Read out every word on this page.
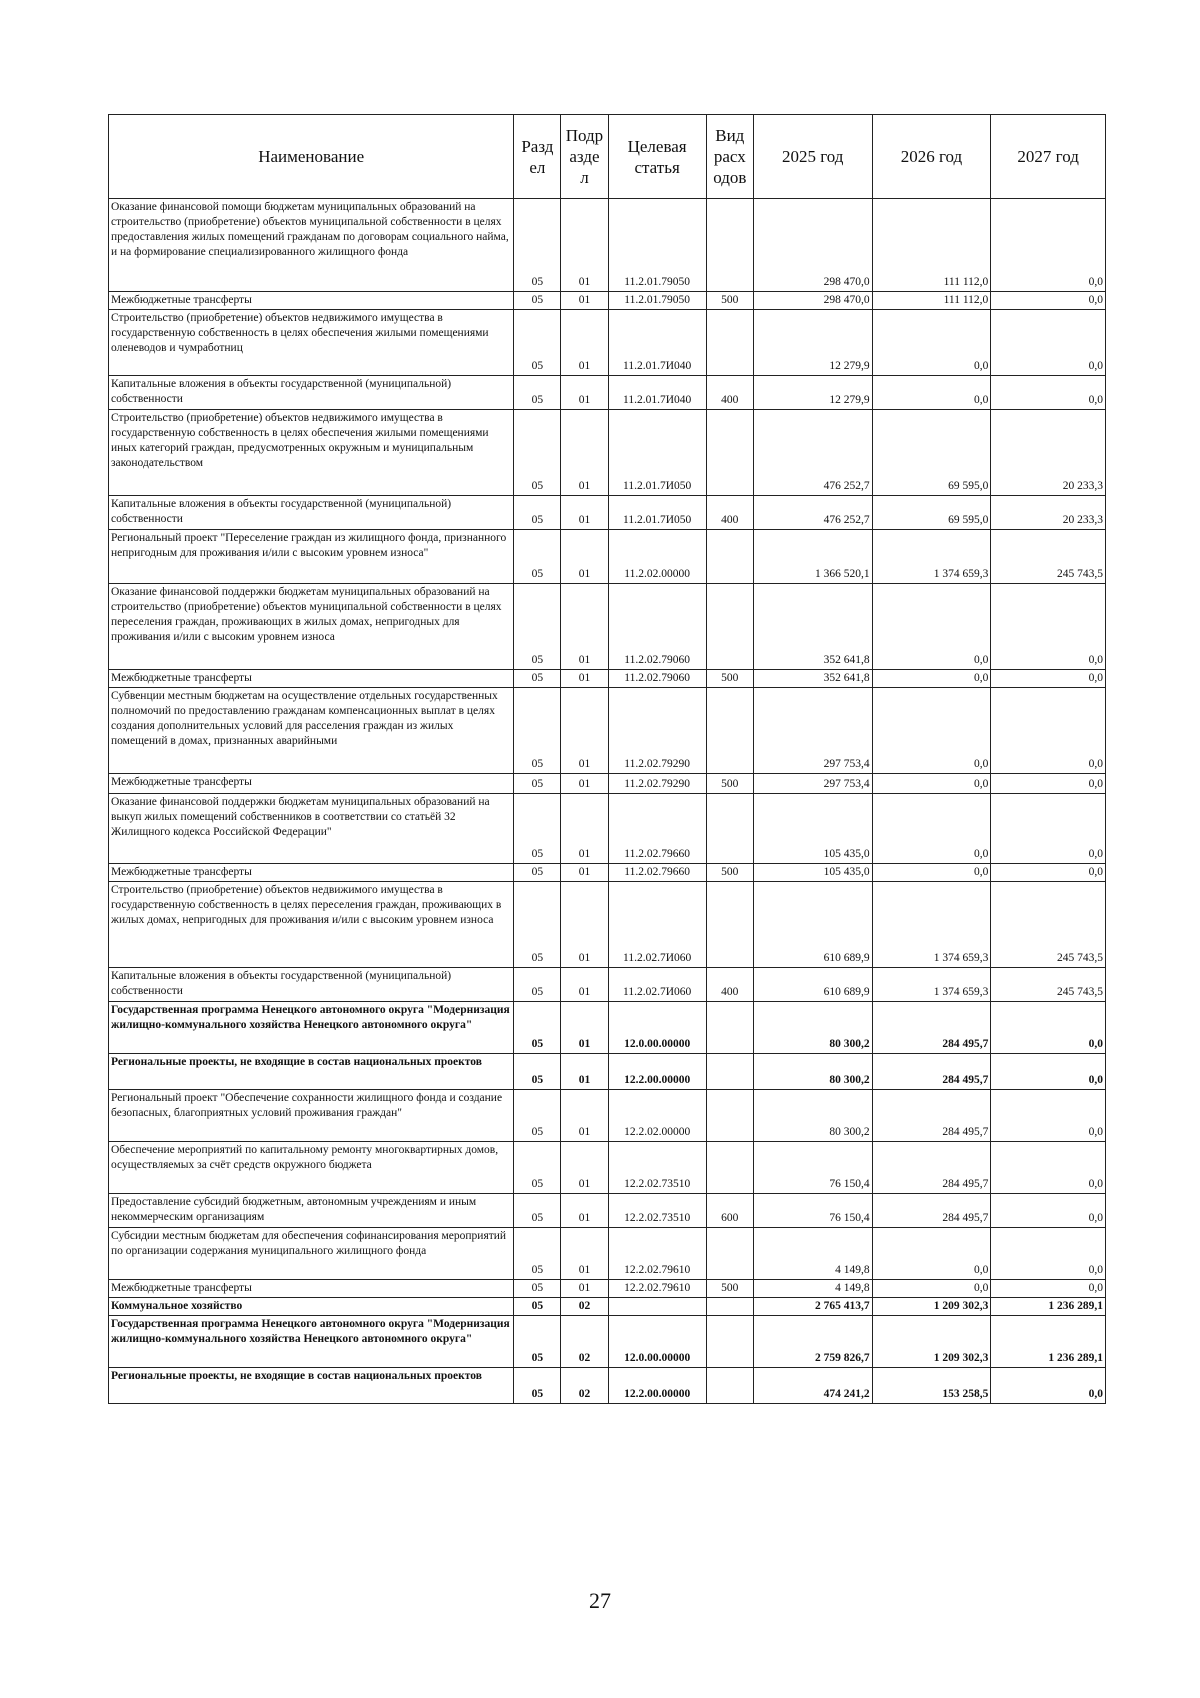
Наименование	Разд ел	Подр азде л	Целевая статья	Вид расх одов	2025 год	2026 год	2027 год
Оказание финансовой помощи бюджетам муниципальных образований на строительство (приобретение) объектов муниципальной собственности в целях предоставления жилых помещений гражданам по договорам социального найма, и на формирование специализированного жилищного фонда	05	01	11.2.01.79050		298 470,0	111 112,0	0,0
Межбюджетные трансферты	05	01	11.2.01.79050	500	298 470,0	111 112,0	0,0
Строительство (приобретение) объектов недвижимого имущества в государственную собственность в целях обеспечения жилыми помещениями оленеводов и чумработниц	05	01	11.2.01.7И040		12 279,9	0,0	0,0
Капитальные вложения в объекты государственной (муниципальной) собственности	05	01	11.2.01.7И040	400	12 279,9	0,0	0,0
Строительство (приобретение) объектов недвижимого имущества в государственную собственность в целях обеспечения жилыми помещениями иных категорий граждан, предусмотренных окружным и муниципальным законодательством	05	01	11.2.01.7И050		476 252,7	69 595,0	20 233,3
Капитальные вложения в объекты государственной (муниципальной) собственности	05	01	11.2.01.7И050	400	476 252,7	69 595,0	20 233,3
Региональный проект "Переселение граждан из жилищного фонда, признанного непригодным для проживания и/или с высоким уровнем износа"	05	01	11.2.02.00000		1 366 520,1	1 374 659,3	245 743,5
Оказание финансовой поддержки бюджетам муниципальных образований на строительство (приобретение) объектов муниципальной собственности в целях переселения граждан, проживающих в жилых домах, непригодных для проживания и/или с высоким уровнем износа	05	01	11.2.02.79060		352 641,8	0,0	0,0
Межбюджетные трансферты	05	01	11.2.02.79060	500	352 641,8	0,0	0,0
Субвенции местным бюджетам на осуществление отдельных государственных полномочий по предоставлению гражданам компенсационных выплат в целях создания дополнительных условий для расселения граждан из жилых помещений в домах, признанных аварийными	05	01	11.2.02.79290		297 753,4	0,0	0,0
Межбюджетные трансферты	05	01	11.2.02.79290	500	297 753,4	0,0	0,0
Оказание финансовой поддержки бюджетам муниципальных образований на выкуп жилых помещений собственников в соответствии со статьёй 32 Жилищного кодекса Российской Федерации"	05	01	11.2.02.79660		105 435,0	0,0	0,0
Межбюджетные трансферты	05	01	11.2.02.79660	500	105 435,0	0,0	0,0
Строительство (приобретение) объектов недвижимого имущества в государственную собственность в целях переселения граждан, проживающих в жилых домах, непригодных для проживания и/или с высоким уровнем износа	05	01	11.2.02.7И060		610 689,9	1 374 659,3	245 743,5
Капитальные вложения в объекты государственной (муниципальной) собственности	05	01	11.2.02.7И060	400	610 689,9	1 374 659,3	245 743,5
Государственная программа Ненецкого автономного округа "Модернизация жилищно-коммунального хозяйства Ненецкого автономного округа"	05	01	12.0.00.00000		80 300,2	284 495,7	0,0
Региональные проекты, не входящие в состав национальных проектов	05	01	12.2.00.00000		80 300,2	284 495,7	0,0
Региональный проект "Обеспечение сохранности жилищного фонда и создание безопасных, благоприятных условий проживания граждан"	05	01	12.2.02.00000		80 300,2	284 495,7	0,0
Обеспечение мероприятий по капитальному ремонту многоквартирных домов, осуществляемых за счёт средств окружного бюджета	05	01	12.2.02.73510		76 150,4	284 495,7	0,0
Предоставление субсидий бюджетным, автономным учреждениям и иным некоммерческим организациям	05	01	12.2.02.73510	600	76 150,4	284 495,7	0,0
Субсидии местным бюджетам для обеспечения софинансирования мероприятий по организации содержания муниципального жилищного фонда	05	01	12.2.02.79610		4 149,8	0,0	0,0
Межбюджетные трансферты	05	01	12.2.02.79610	500	4 149,8	0,0	0,0
Коммунальное хозяйство	05	02			2 765 413,7	1 209 302,3	1 236 289,1
Государственная программа Ненецкого автономного округа "Модернизация жилищно-коммунального хозяйства Ненецкого автономного округа"	05	02	12.0.00.00000		2 759 826,7	1 209 302,3	1 236 289,1
Региональные проекты, не входящие в состав национальных проектов	05	02	12.2.00.00000		474 241,2	153 258,5	0,0
27
